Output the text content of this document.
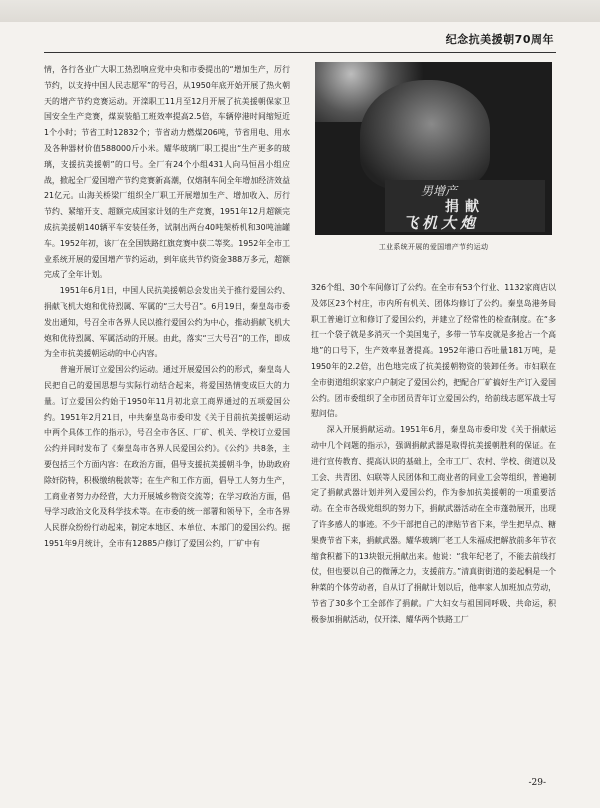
纪念抗美援朝70周年

情，各行各业广大职工热烈响应党中央和市委提出的“增加生产，厉行节约，以支持中国人民志愿军”的号召，从1950年底开始开展了热火朝天的增产节约竞赛运动。开滦职工11月至12月开展了抗美援朝保家卫国安全生产竞赛，煤炭装船工班效率提高2.5倍，车辆停港时间缩短近1个小时；节省工时12832个；节省动力燃煤206吨，节省用电、用水及各种器材价值588000斤小米。耀华玻璃厂职工提出“生产更多的玻璃，支援抗美援朝”的口号。全厂有24个小组431人向马恒昌小组应战，掀起全厂爱国增产节约竞赛新高潮，仅熔制车间全年增加经济效益21亿元。山海关桥梁厂组织全厂职工开展增加生产、增加收入、厉行节约、紧缩开支、超额完成国家计划的生产竞赛，1951年12月超额完成抗美援朝140辆平车安装任务，试制出两台40吨架桥机和30吨油罐车。1952年初，该厂在全国铁路红旗竞赛中获二等奖。1952年全市工业系统开展的爱国增产节约运动，到年底共节约资金388万多元，超额完成了全年计划。

1951年6月1日，中国人民抗美援朝总会发出关于推行爱国公约、捐献飞机大炮和优待烈属、军属的“三大号召”。6月19日，秦皇岛市委发出通知，号召全市各界人民以推行爱国公约为中心，推动捐献飞机大炮和优待烈属、军属活动的开展。由此，落实“三大号召”的工作，即成为全市抗美援朝运动的中心内容。

普遍开展订立爱国公约运动。通过开展爱国公约的形式，秦皇岛人民把自己的爱国思想与实际行动结合起来，将爱国热情变成巨大的力量。订立爱国公约始于1950年11月初北京工商界通过的五项爱国公约。1951年2月21日，中共秦皇岛市委印发《关于目前抗美援朝运动中两个具体工作的指示》，号召全市各区、厂矿、机关、学校订立爱国公约并同时发布了《秦皇岛市各界人民爱国公约》。《公约》共8条，主要包括三个方面内容：在政治方面，倡导支援抗美援朝斗争，协助政府除奸防特，积极缴纳税款等；在生产和工作方面，倡导工人努力生产，工商业者努力办经营，大力开展城乡物资交流等；在学习政治方面，倡导学习政治文化及科学技术等。在市委的统一部署和领导下，全市各界人民群众纷纷行动起来，制定本地区、本单位、本部门的爱国公约。据1951年9月统计，全市有12885户修订了爱国公约，厂矿中有

男增产
捐献
飞机大炮
工业系统开展的爱国增产节约运动

326个组、30个车间修订了公约。在全市有53个行业、1132家商店以及郊区23个村庄，市内所有机关、团体均修订了公约。秦皇岛港务局职工普遍订立和修订了爱国公约，并建立了经常性的检查制度。在“多扛一个袋子就是多消灭一个美国鬼子，多带一节车皮就是多抢占一个高地”的口号下，生产效率显著提高。1952年港口吞吐量181万吨，是1950年的2.2倍，出色地完成了抗美援朝物资的装卸任务。市妇联在全市街道组织家家户户制定了爱国公约，把配合厂矿搞好生产订入爱国公约。团市委组织了全市团员青年订立爱国公约，给前线志愿军战士写慰问信。

深入开展捐献运动。1951年6月，秦皇岛市委印发《关于捐献运动中几个问题的指示》，强调捐献武器是取得抗美援朝胜利的保证。在进行宣传教育、提高认识的基础上，全市工厂、农村、学校、街道以及工会、共青团、妇联等人民团体和工商业者的同业工会等组织，普遍制定了捐献武器计划并列入爱国公约，作为参加抗美援朝的一项重要活动。在全市各级党组织的努力下，捐献武器活动在全市蓬勃展开，出现了许多感人的事迹。不少干部把自己的津贴节省下来，学生把早点、糖果费节省下来，捐献武器。耀华玻璃厂老工人朱福成把解放前多年节衣缩食积蓄下的13块银元捐献出来。他说：“我年纪老了，不能去前线打仗，但也要以自己的微薄之力，支援前方。”清真街街道的姜起桐是一个种菜的个体劳动者，自从订了捐献计划以后，他率家人加班加点劳动，节省了30多个工全部作了捐献。广大妇女与祖国同呼吸、共命运，积极参加捐献活动，仅开滦、耀华两个铁路工厂

-29-
